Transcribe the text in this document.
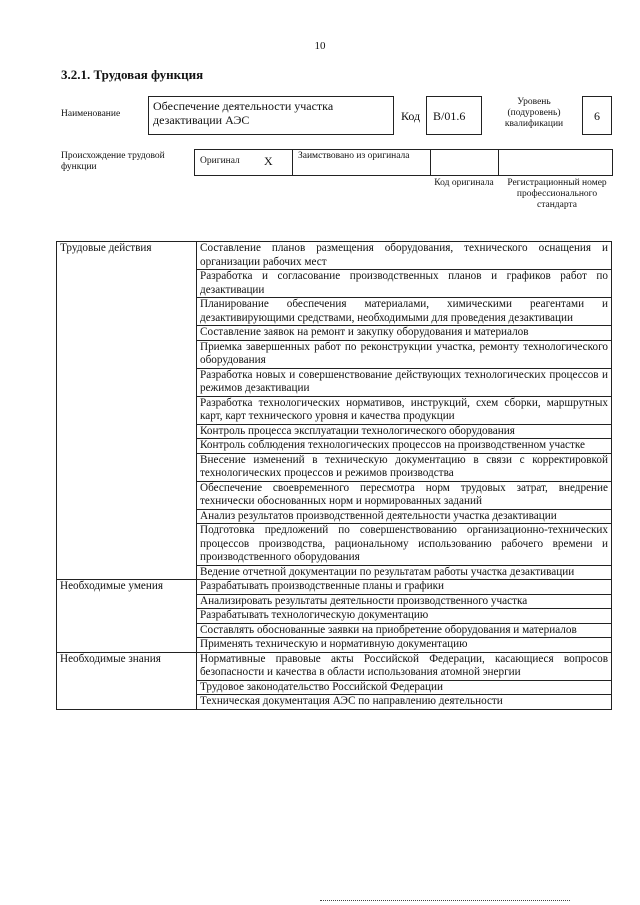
10
3.2.1. Трудовая функция
Наименование
Обеспечение деятельности участка дезактивации АЭС	Код	B/01.6
Уровень (подуровень) квалификации
6
Происхождение трудовой функции
Оригинал X	Заимствовано из оригинала
Код оригинала	Регистрационный номер профессионального стандарта
Трудовые действия	Составление планов размещения оборудования, технического оснащения и организации рабочих мест
	Разработка и согласование производственных планов и графиков работ по дезактивации
	Планирование обеспечения материалами, химическими реагентами и дезактивирующими средствами, необходимыми для проведения дезактивации
	Составление заявок на ремонт и закупку оборудования и материалов
	Приемка завершенных работ по реконструкции участка, ремонту технологического оборудования
	Разработка новых и совершенствование действующих технологических процессов и режимов дезактивации
	Разработка технологических нормативов, инструкций, схем сборки, маршрутных карт, карт технического уровня и качества продукции
	Контроль процесса эксплуатации технологического оборудования
	Контроль соблюдения технологических процессов на производственном участке
	Внесение изменений в техническую документацию в связи с корректировкой технологических процессов и режимов производства
	Обеспечение своевременного пересмотра норм трудовых затрат, внедрение технически обоснованных норм и нормированных заданий
	Анализ результатов производственной деятельности участка дезактивации
	Подготовка предложений по совершенствованию организационно-технических процессов производства, рациональному использованию рабочего времени и производственного оборудования
	Ведение отчетной документации по результатам работы участка дезактивации
Необходимые умения	Разрабатывать производственные планы и графики
	Анализировать результаты деятельности производственного участка
	Разрабатывать технологическую документацию
	Составлять обоснованные заявки на приобретение оборудования и материалов
	Применять техническую и нормативную документацию
Необходимые знания	Нормативные правовые акты Российской Федерации, касающиеся вопросов безопасности и качества в области использования атомной энергии
	Трудовое законодательство Российской Федерации
	Техническая документация АЭС по направлению деятельности
